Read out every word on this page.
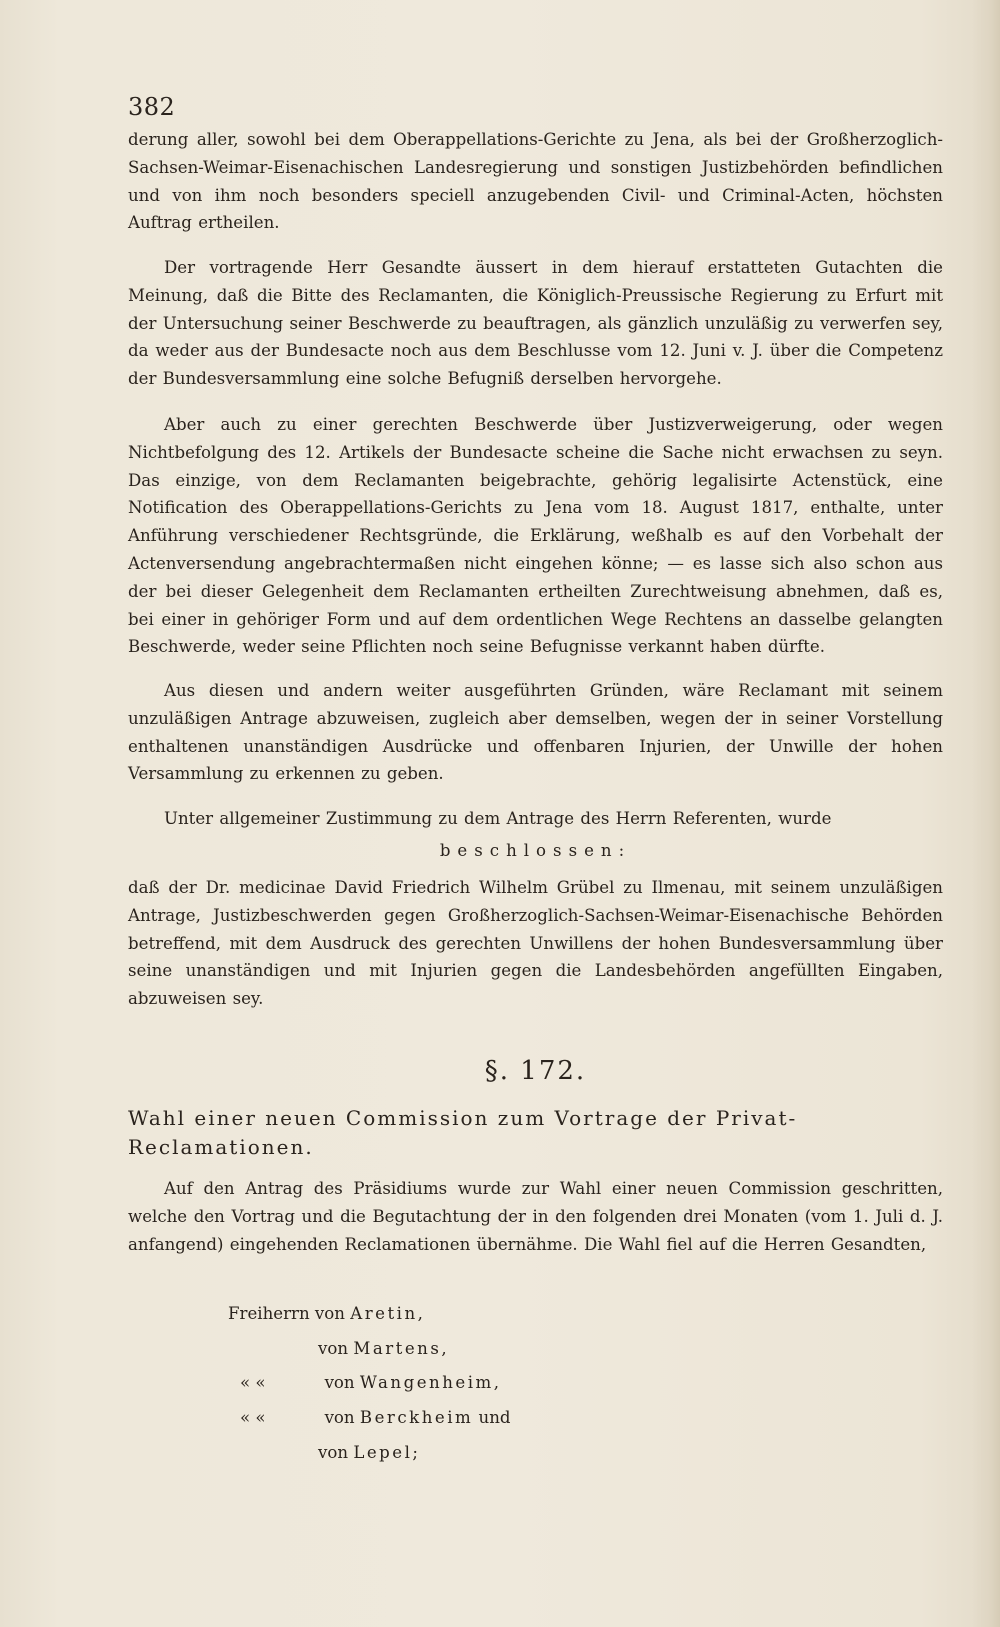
382
derung aller, sowohl bei dem Oberappellations-Gerichte zu Jena, als bei der Großherzoglich-Sachsen-Weimar-Eisenachischen Landesregierung und sonstigen Justizbehörden befindlichen und von ihm noch besonders speciell anzugebenden Civil- und Criminal-Acten, höchsten Auftrag ertheilen.
Der vortragende Herr Gesandte äussert in dem hierauf erstatteten Gutachten die Meinung, daß die Bitte des Reclamanten, die Königlich-Preussische Regierung zu Erfurt mit der Untersuchung seiner Beschwerde zu beauftragen, als gänzlich unzuläßig zu verwerfen sey, da weder aus der Bundesacte noch aus dem Beschlusse vom 12. Juni v. J. über die Competenz der Bundesversammlung eine solche Befugniß derselben hervorgehe.
Aber auch zu einer gerechten Beschwerde über Justizverweigerung, oder wegen Nichtbefolgung des 12. Artikels der Bundesacte scheine die Sache nicht erwachsen zu seyn. Das einzige, von dem Reclamanten beigebrachte, gehörig legalisirte Actenstück, eine Notification des Oberappellations-Gerichts zu Jena vom 18. August 1817, enthalte, unter Anführung verschiedener Rechtsgründe, die Erklärung, weßhalb es auf den Vorbehalt der Actenversendung angebrachtermaßen nicht eingehen könne; — es lasse sich also schon aus der bei dieser Gelegenheit dem Reclamanten ertheilten Zurechtweisung abnehmen, daß es, bei einer in gehöriger Form und auf dem ordentlichen Wege Rechtens an dasselbe gelangten Beschwerde, weder seine Pflichten noch seine Befugnisse verkannt haben dürfte.
Aus diesen und andern weiter ausgeführten Gründen, wäre Reclamant mit seinem unzuläßigen Antrage abzuweisen, zugleich aber demselben, wegen der in seiner Vorstellung enthaltenen unanständigen Ausdrücke und offenbaren Injurien, der Unwille der hohen Versammlung zu erkennen zu geben.
Unter allgemeiner Zustimmung zu dem Antrage des Herrn Referenten, wurde
beschlossen:
daß der Dr. medicinae David Friedrich Wilhelm Grübel zu Ilmenau, mit seinem unzuläßigen Antrage, Justizbeschwerden gegen Großherzoglich-Sachsen-Weimar-Eisenachische Behörden betreffend, mit dem Ausdruck des gerechten Unwillens der hohen Bundesversammlung über seine unanständigen und mit Injurien gegen die Landesbehörden angefüllten Eingaben, abzuweisen sey.
§. 172.
Wahl einer neuen Commission zum Vortrage der Privat-Reclamationen.
Auf den Antrag des Präsidiums wurde zur Wahl einer neuen Commission geschritten, welche den Vortrag und die Begutachtung der in den folgenden drei Monaten (vom 1. Juli d. J. anfangend) eingehenden Reclamationen übernähme. Die Wahl fiel auf die Herren Gesandten,
Freiherrn von Aretin,
von Martens,
« «	von Wangenheim,
« «	von Berckheim und
von Lepel;
